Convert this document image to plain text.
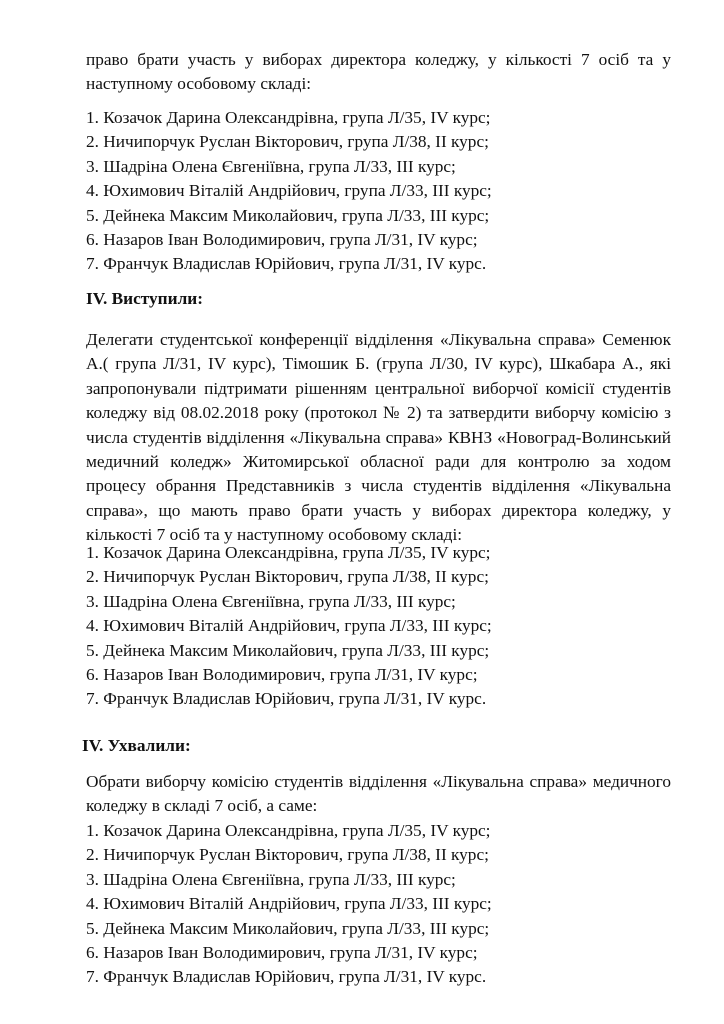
право брати участь у виборах директора коледжу, у кількості 7 осіб та у
наступному особовому складі:
1. Козачок Дарина Олександрівна, група Л/35, IV курс;
2. Ничипорчук Руслан Вікторович, група Л/38, II курс;
3. Шадріна Олена Євгеніївна, група Л/33, III курс;
4. Юхимович Віталій Андрійович, група Л/33, III курс;
5. Дейнека Максим Миколайович, група Л/33, III курс;
6. Назаров Іван Володимирович, група Л/31, IV курс;
7. Франчук Владислав Юрійович, група Л/31, IV курс.
IV. Виступили:
Делегати студентської конференції відділення «Лікувальна справа» Семенюк
А.( група Л/31, IV курс), Тімошик Б. (група Л/30, IV курс), Шкабара А., які
запропонували підтримати рішенням центральної виборчої комісії студентів
коледжу від 08.02.2018 року (протокол № 2) та затвердити виборчу комісію з
числа студентів відділення «Лікувальна справа» КВНЗ «Новоград-Волинський
медичний коледж» Житомирської обласної ради для контролю за ходом
процесу обрання Представників з числа студентів відділення «Лікувальна
справа», що мають право брати участь у виборах директора коледжу, у
кількості 7 осіб та у наступному особовому складі:
1. Козачок Дарина Олександрівна, група Л/35, IV курс;
2. Ничипорчук Руслан Вікторович, група Л/38, II курс;
3. Шадріна Олена Євгеніївна, група Л/33, III курс;
4. Юхимович Віталій Андрійович, група Л/33, III курс;
5. Дейнека Максим Миколайович, група Л/33, III курс;
6. Назаров Іван Володимирович, група Л/31, IV курс;
7. Франчук Владислав Юрійович, група Л/31, IV курс.
IV. Ухвалили:
Обрати виборчу комісію студентів відділення «Лікувальна справа» медичного
коледжу в складі 7 осіб, а саме:
1. Козачок Дарина Олександрівна, група Л/35, IV курс;
2. Ничипорчук Руслан Вікторович, група Л/38, II курс;
3. Шадріна Олена Євгеніївна, група Л/33, III курс;
4. Юхимович Віталій Андрійович, група Л/33, III курс;
5. Дейнека Максим Миколайович, група Л/33, III курс;
6. Назаров Іван Володимирович, група Л/31, IV курс;
7. Франчук Владислав Юрійович, група Л/31, IV курс.
